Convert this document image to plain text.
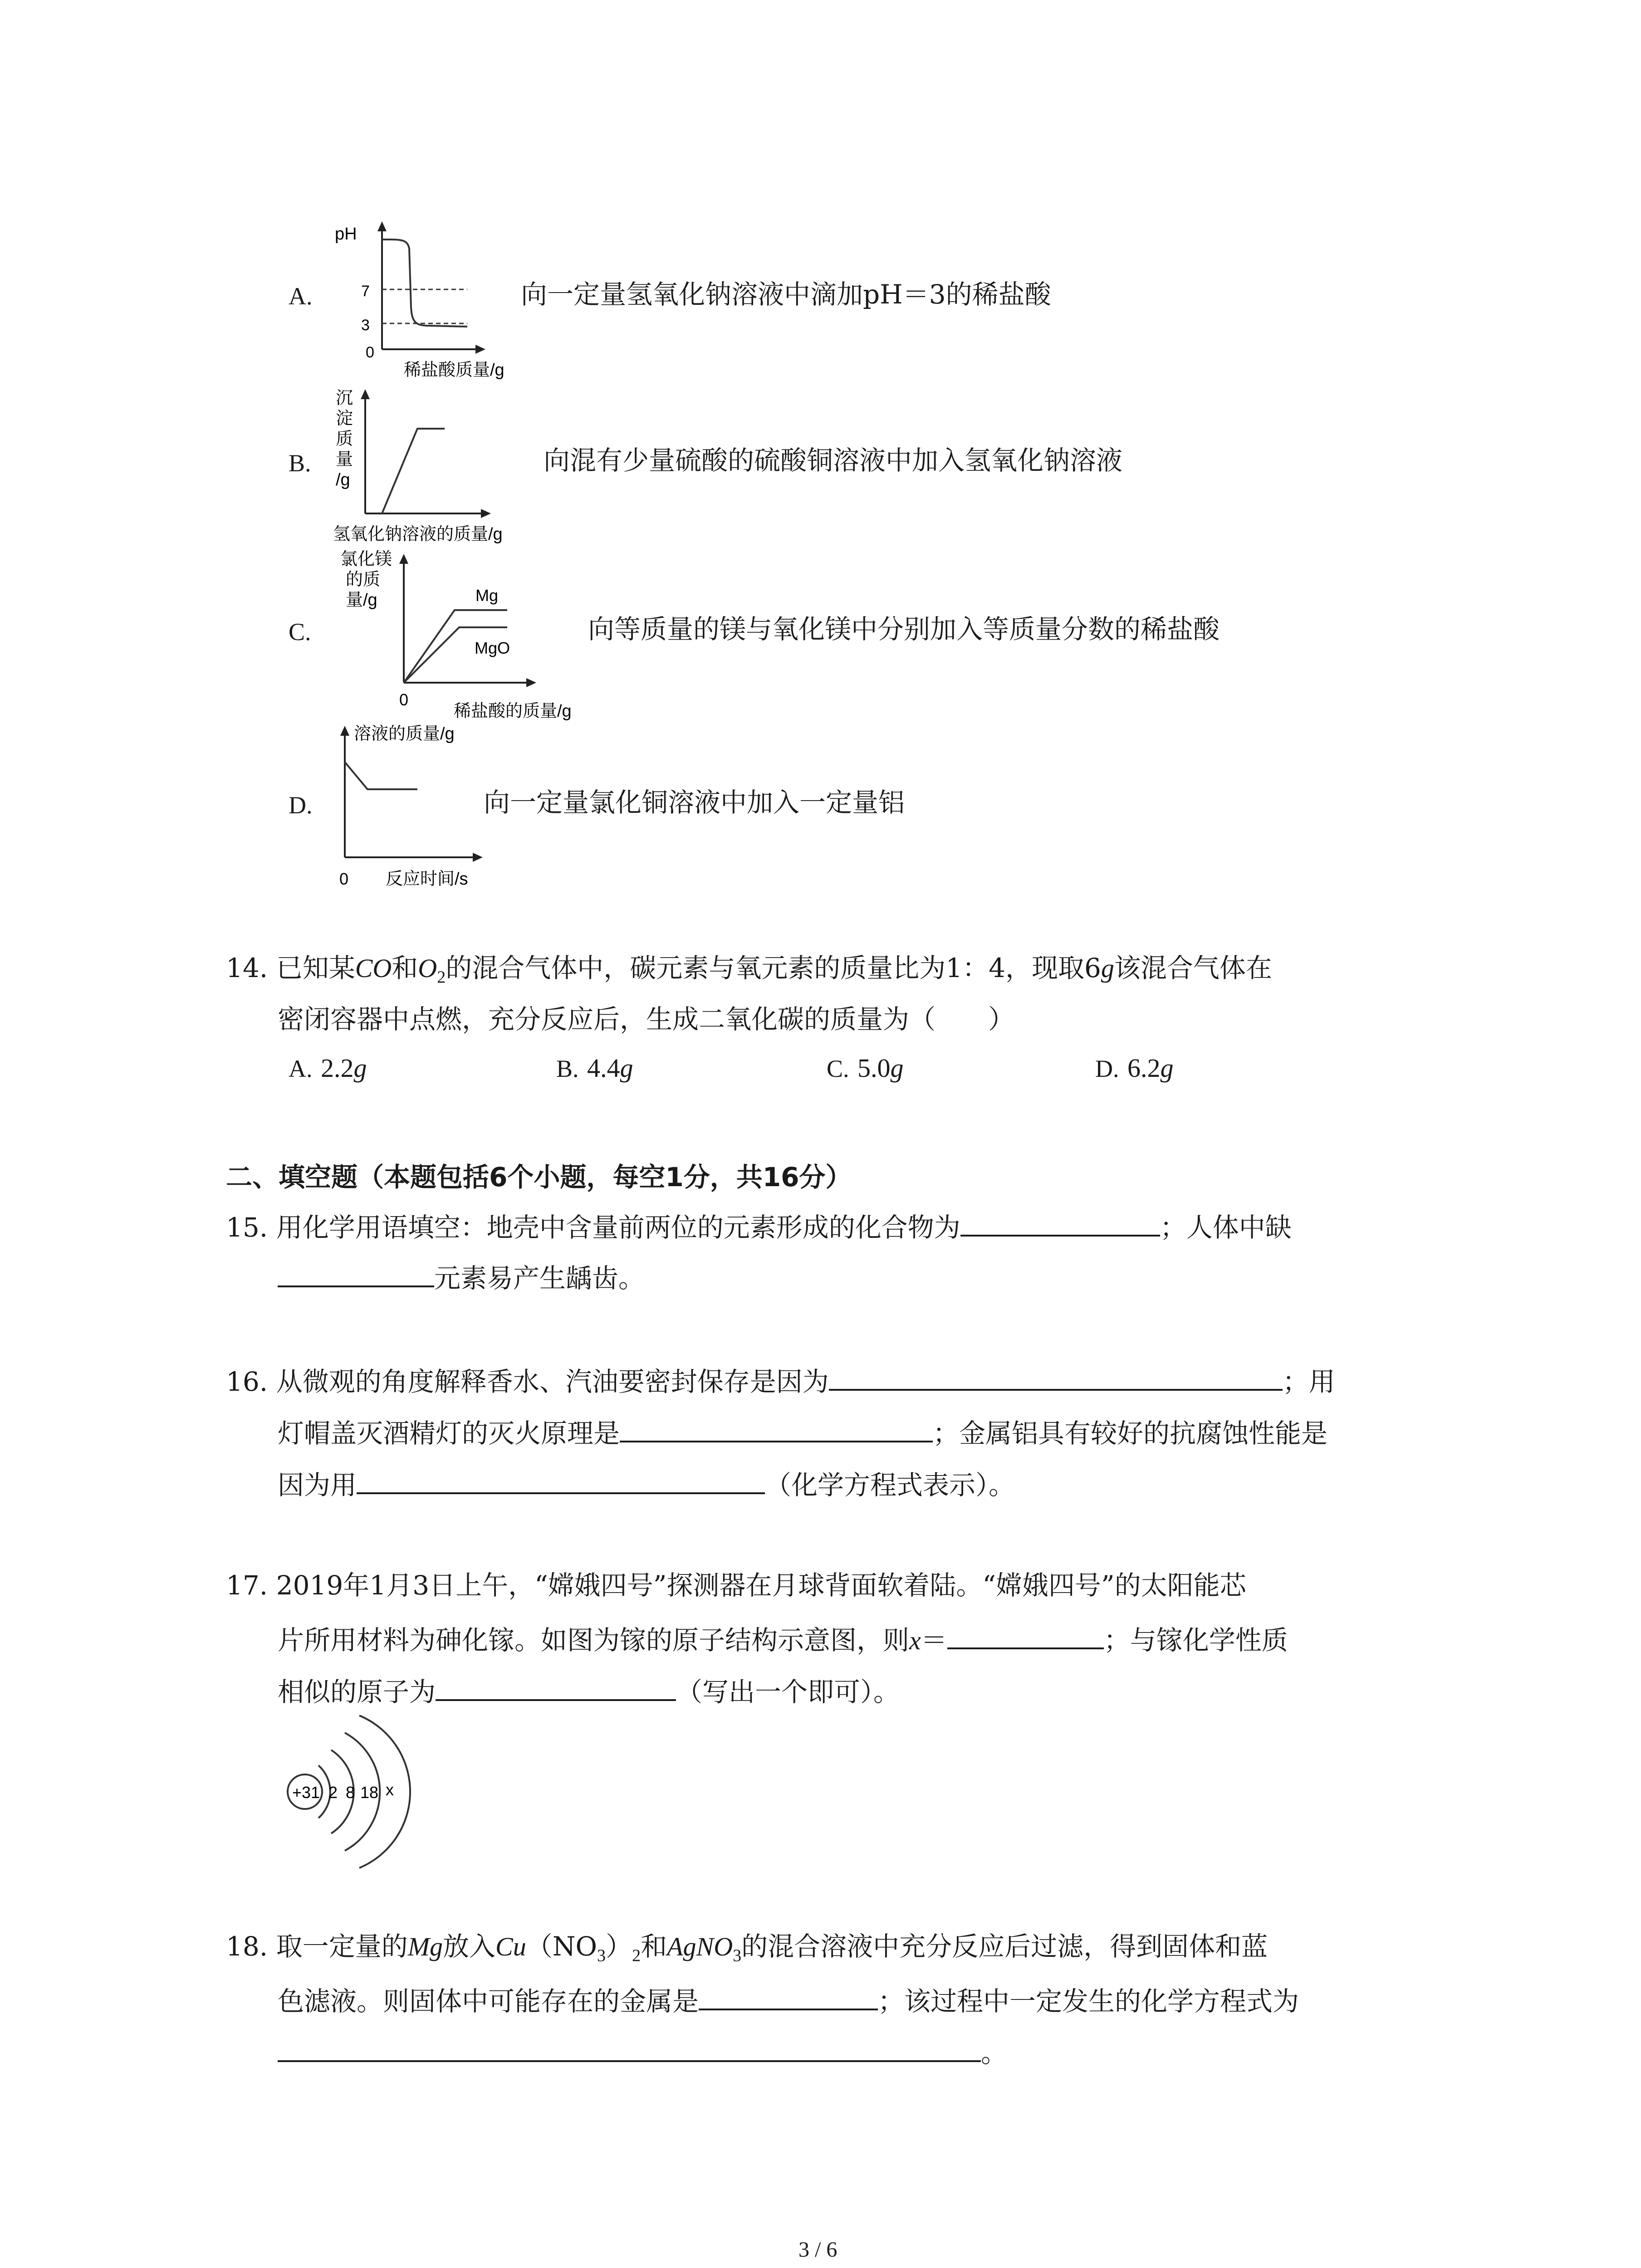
A.
pH
7
3
0
稀盐酸质量/g
向一定量氢氧化钠溶液中滴加pH＝3的稀盐酸
B.
沉
淀
质
量
/g
氢氧化钠溶液的质量/g
向混有少量硫酸的硫酸铜溶液中加入氢氧化钠溶液
C.
氯化镁
的质
量/g	Mg
MgO
0
稀盐酸的质量/g
向等质量的镁与氧化镁中分别加入等质量分数的稀盐酸
D.
溶液的质量/g
0 反应时间/s
向一定量氯化铜溶液中加入一定量铝
14. 已知某CO和$O_2$的混合气体中，碳元素与氧元素的质量比为1：4，现取6g该混合气体在
密闭容器中点燃，充分反应后，生成二氧化碳的质量为（　　）
A. 2.2g	B. 4.4g	C. 5.0g	D. 6.2g
二、填空题（本题包括6个小题，每空1分，共16分）
15. 用化学用语填空：地壳中含量前两位的元素形成的化合物为	；人体中缺
元素易产生龋齿。
16. 从微观的角度解释香水、汽油要密封保存是因为	；用
灯帽盖灭酒精灯的灭火原理是	；金属铝具有较好的抗腐蚀性能是
因为用	（化学方程式表示）。
17. 2019年1月3日上午，“嫦娥四号”探测器在月球背面软着陆。“嫦娥四号”的太阳能芯
片所用材料为砷化镓。如图为镓的原子结构示意图，则x＝	；与镓化学性质
相似的原子为	（写出一个即可）。
+31 2 8 18 x
18. 取一定量的Mg放入$Cu(NO_3)_2$和AgNO$_3$的混合溶液中充分反应后过滤，得到固体和蓝
色滤液。则固体中可能存在的金属是	；该过程中一定发生的化学方程式为
。
3 / 6
